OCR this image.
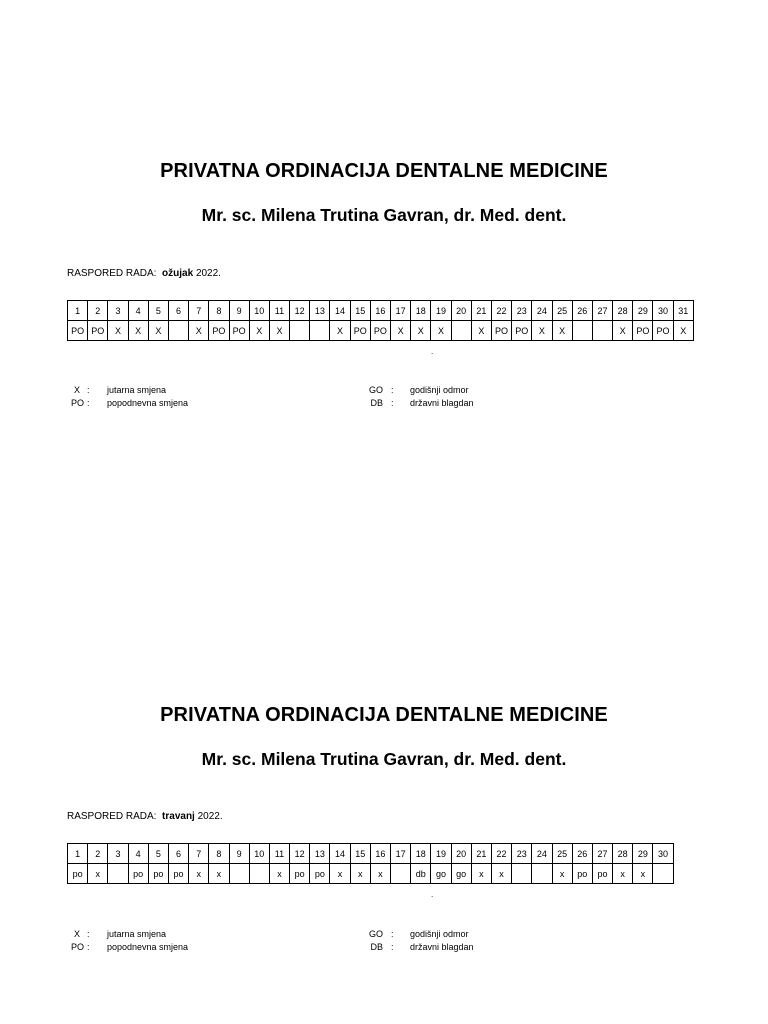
PRIVATNA ORDINACIJA DENTALNE MEDICINE
Mr. sc. Milena Trutina Gavran, dr. Med. dent.
RASPORED RADA: ožujak 2022.
1	2	3	4	5	6	7	8	9	10	11	12	13	14	15	16	17	18	19	20	21	22	23	24	25	26	27	28	29	30	31
PO	PO	X	X	X		X	PO	PO	X	X			X	PO	PO	X	X	X		X	PO	PO	X	X			X	PO	PO	X
.
X : jutarna smjena
PO : popodnevna smjena
GO : godišnji odmor
DB : državni blagdan
PRIVATNA ORDINACIJA DENTALNE MEDICINE
Mr. sc. Milena Trutina Gavran, dr. Med. dent.
RASPORED RADA: travanj 2022.
1	2	3	4	5	6	7	8	9	10	11	12	13	14	15	16	17	18	19	20	21	22	23	24	25	26	27	28	29	30
po	x		po	po	po	x	x			x	po	po	x	x	x		db	go	go	x	x			x	po	po	x	x	
.
X : jutarna smjena
PO : popodnevna smjena
GO : godišnji odmor
DB : državni blagdan
